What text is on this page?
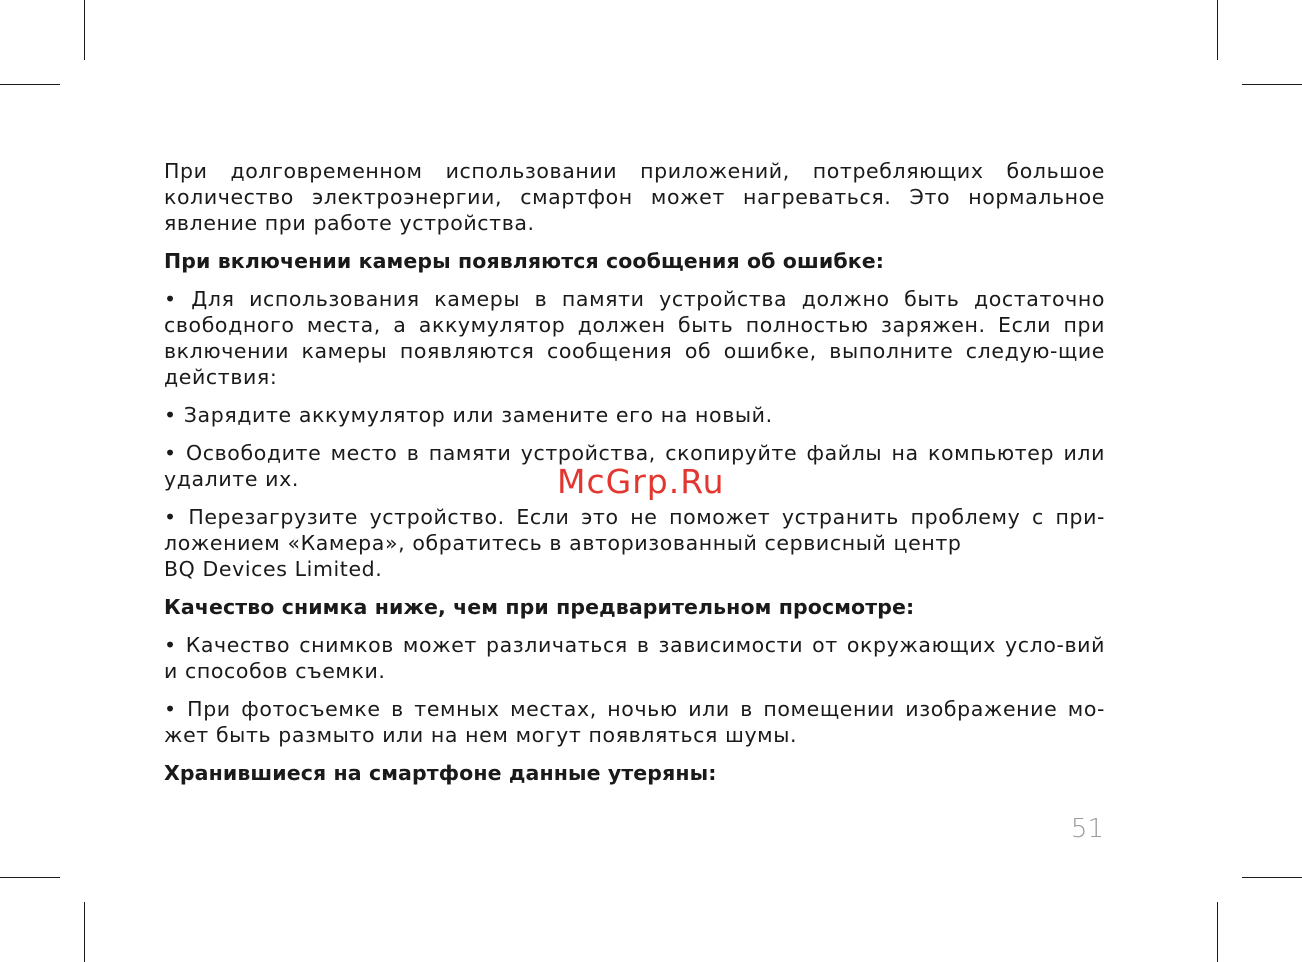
При долговременном использовании приложений, потребляющих большое количество электроэнергии, смартфон может нагреваться. Это нормальное явление при работе устройства.

При включении камеры появляются сообщения об ошибке:

• Для использования камеры в памяти устройства должно быть достаточно свободного места, а аккумулятор должен быть полностью заряжен. Если при включении камеры появляются сообщения об ошибке, выполните следую-щие действия:

• Зарядите аккумулятор или замените его на новый.

• Освободите место в памяти устройства, скопируйте файлы на компьютер или удалите их.

• Перезагрузите устройство. Если это не поможет устранить проблему с при-ложением «Камера», обратитесь в авторизованный сервисный центр
BQ Devices Limited.

Качество снимка ниже, чем при предварительном просмотре:

• Качество снимков может различаться в зависимости от окружающих усло-вий и способов съемки.

• При фотосъемке в темных местах, ночью или в помещении изображение мо-жет быть размыто или на нем могут появляться шумы.

Хранившиеся на смартфоне данные утеряны:

McGrp.Ru
51
